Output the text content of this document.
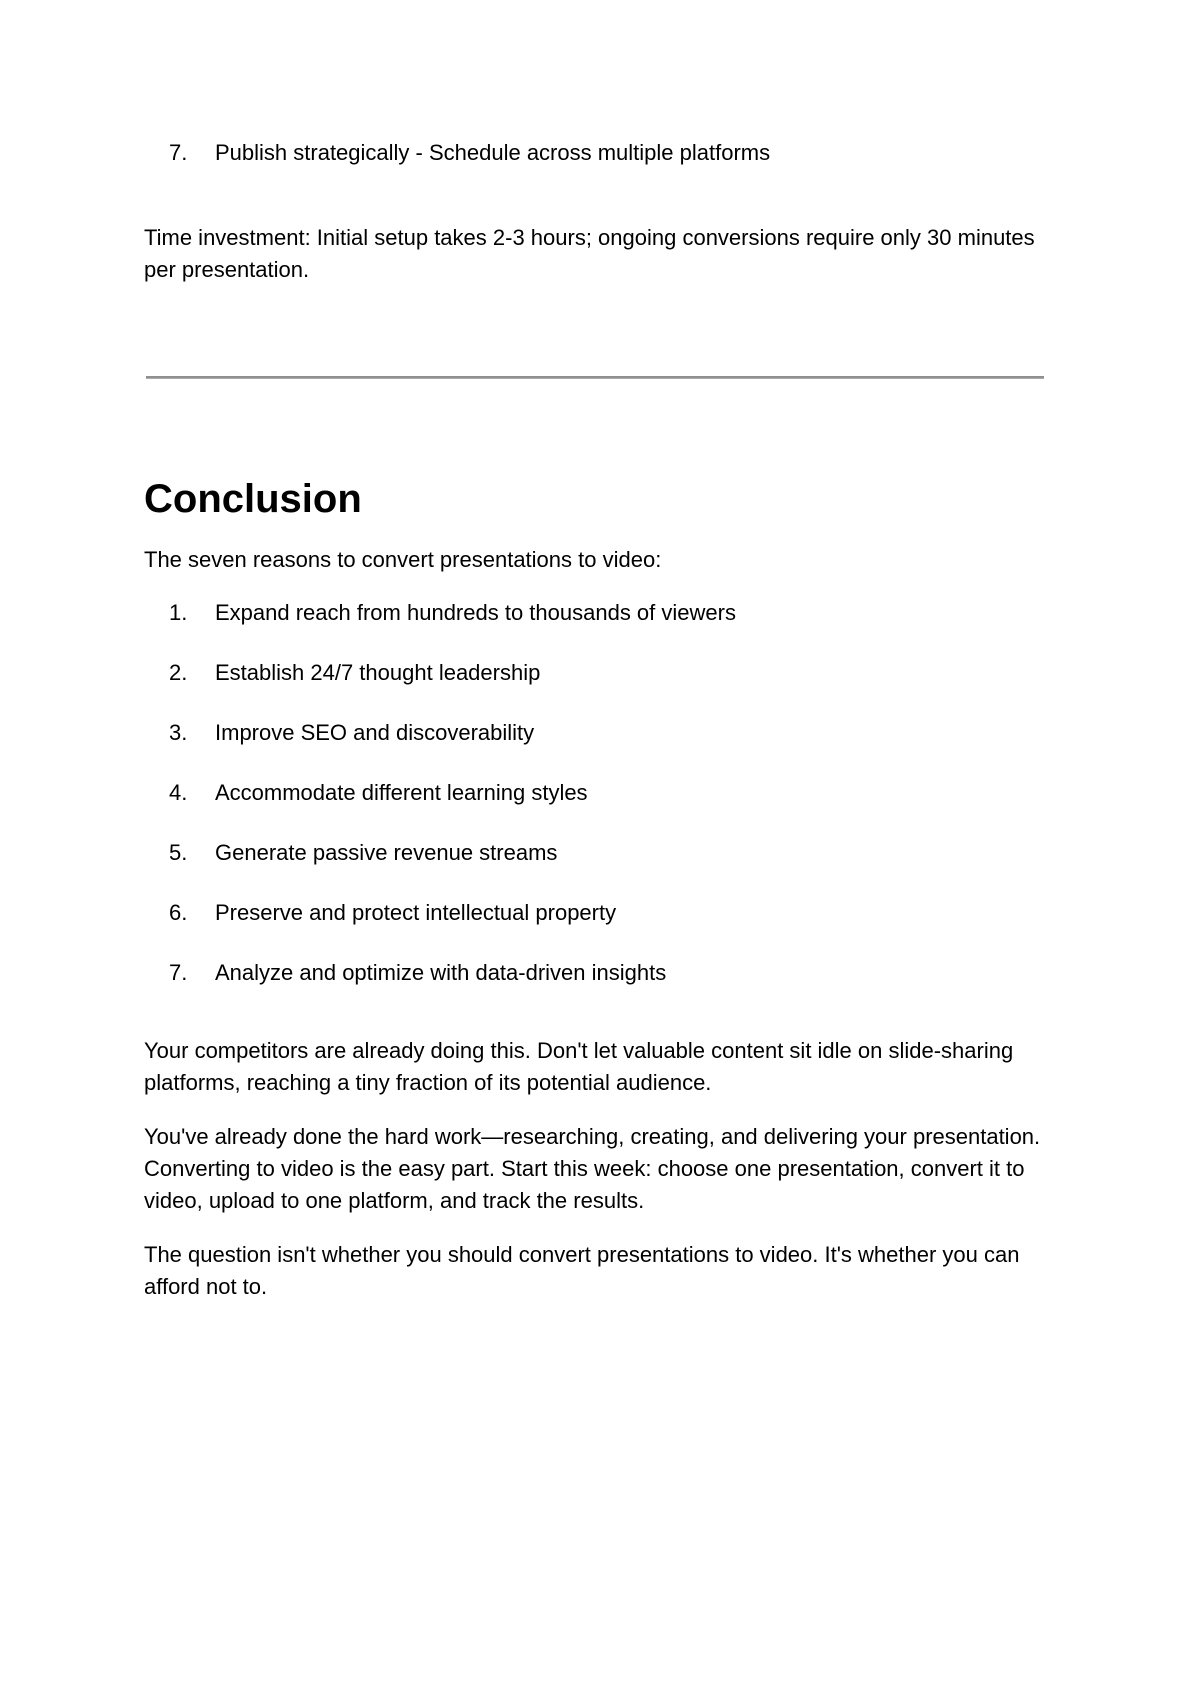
7. Publish strategically - Schedule across multiple platforms

Time investment: Initial setup takes 2-3 hours; ongoing conversions require only 30 minutes per presentation.

Conclusion

The seven reasons to convert presentations to video:

1. Expand reach from hundreds to thousands of viewers
2. Establish 24/7 thought leadership
3. Improve SEO and discoverability
4. Accommodate different learning styles
5. Generate passive revenue streams
6. Preserve and protect intellectual property
7. Analyze and optimize with data-driven insights

Your competitors are already doing this. Don't let valuable content sit idle on slide-sharing platforms, reaching a tiny fraction of its potential audience.

You've already done the hard work—researching, creating, and delivering your presentation. Converting to video is the easy part. Start this week: choose one presentation, convert it to video, upload to one platform, and track the results.

The question isn't whether you should convert presentations to video. It's whether you can afford not to.
